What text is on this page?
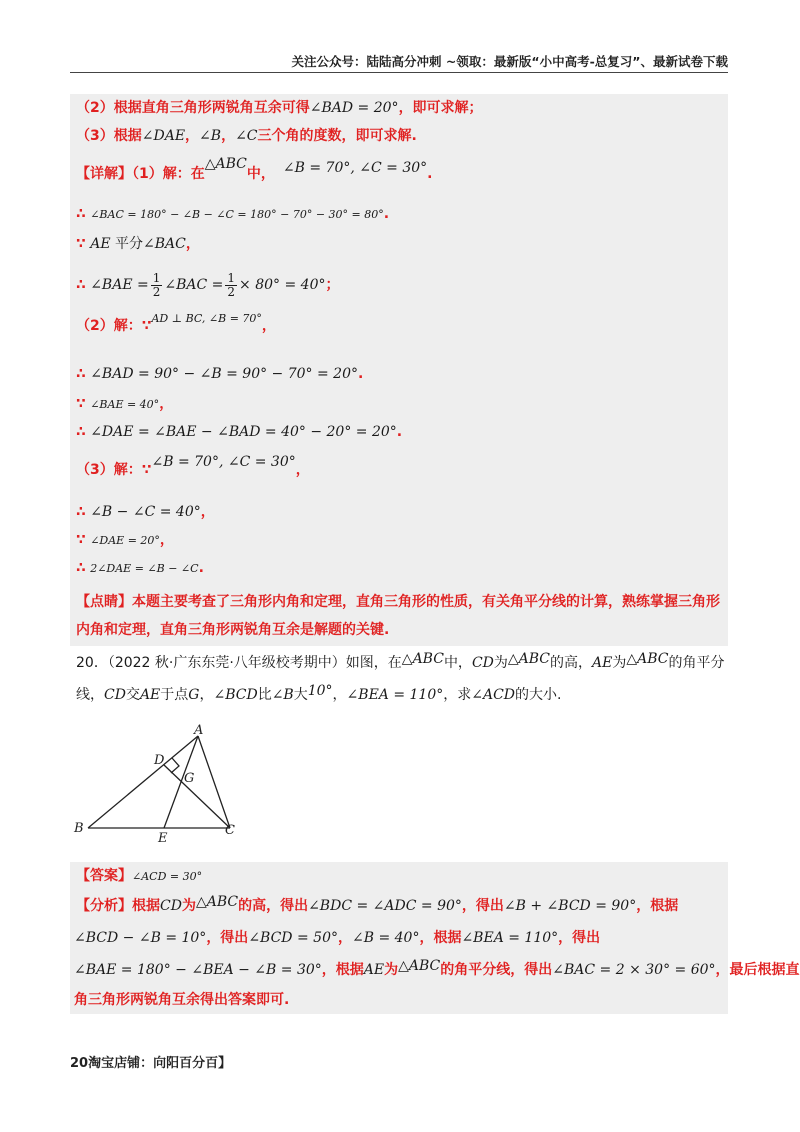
关注公众号：陆陆高分冲刺 ~领取：最新版“小中高考-总复习”、最新试卷下载
（2）根据直角三角形两锐角互余可得∠BAD = 20°，即可求解；
（3）根据∠DAE，∠B，∠C三个角的度数，即可求解.
【详解】（1）解：在△ABC中， ∠B = 70°, ∠C = 30°.
∴ ∠BAC = 180° − ∠B − ∠C = 180° − 70° − 30° = 80°.
∵ AE 平分∠BAC，
∴ ∠BAE = $\frac{1}{2}$ ∠BAC = $\frac{1}{2} \times 80^\circ = 40^\circ$；
（2）解：∵$^{AD \perp BC, \angle B = 70^\circ}$，
∴ ∠BAD = 90° − ∠B = 90° − 70° = 20°.
∵ ∠BAE = 40°，
∴ ∠DAE = ∠BAE − ∠BAD = 40° − 20° = 20°.
（3）解：∵∠B = 70°, ∠C = 30°，
∴ ∠B − ∠C = 40°，
∵ ∠DAE = 20°，
∴ 2∠DAE = ∠B − ∠C.
【点睛】本题主要考查了三角形内角和定理，直角三角形的性质，有关角平分线的计算，熟练掌握三角形
内角和定理，直角三角形两锐角互余是解题的关键.
20．（2022 秋·广东东莞·八年级校考期中）如图，在△ABC中，CD为△ABC的高，AE为△ABC的角平分
线，CD交AE于点G，∠BCD比∠B大10°，∠BEA = 110°，求∠ACD的大小.
A
B	C
D
E
G
【答案】∠ACD = 30°
【分析】根据CD为△ABC的高，得出∠BDC = ∠ADC = 90°，得出∠B + ∠BCD = 90°，根据
∠BCD − ∠B = 10°，得出∠BCD = 50°，∠B = 40°，根据∠BEA = 110°，得出
∠BAE = 180° − ∠BEA − ∠B = 30°，根据AE为△ABC的角平分线，得出∠BAC = 2 × 30° = 60°，最后根据直
角三角形两锐角互余得出答案即可.
20淘宝店铺：向阳百分百】
